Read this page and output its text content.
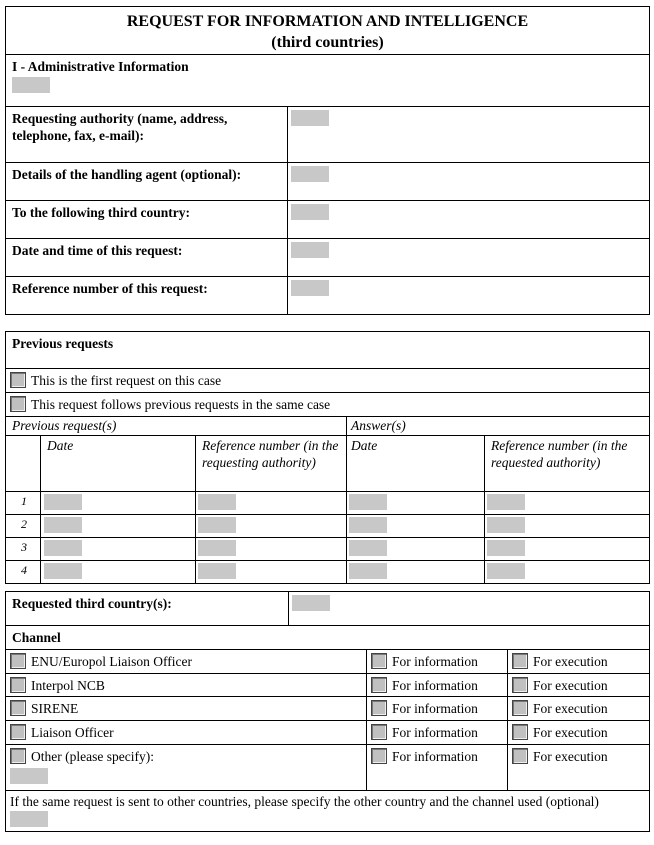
REQUEST FOR INFORMATION AND INTELLIGENCE
(third countries)	

I - Administrative Information	

Requesting authority (name, address, telephone, fax, e-mail):	
Details of the handling agent (optional):	
To the following third country:	
Date and time of this request:	
Reference number of this request:	
Previous requests				
This is the first request on this case				
This request follows previous requests in the same case				
Previous request(s)			Answer(s)	
	Date	Reference number (in the requesting authority)	Date	Reference number (in the requested authority)
1				
2				
3				
4				
Requested third country(s):			
Channel			
ENU/Europol Liaison Officer		For information	For execution
Interpol NCB		For information	For execution
SIRENE		For information	For execution
Liaison Officer		For information	For execution
Other (please specify):		For information	For execution

If the same request is sent to other countries, please specify the other country and the channel used (optional)			
